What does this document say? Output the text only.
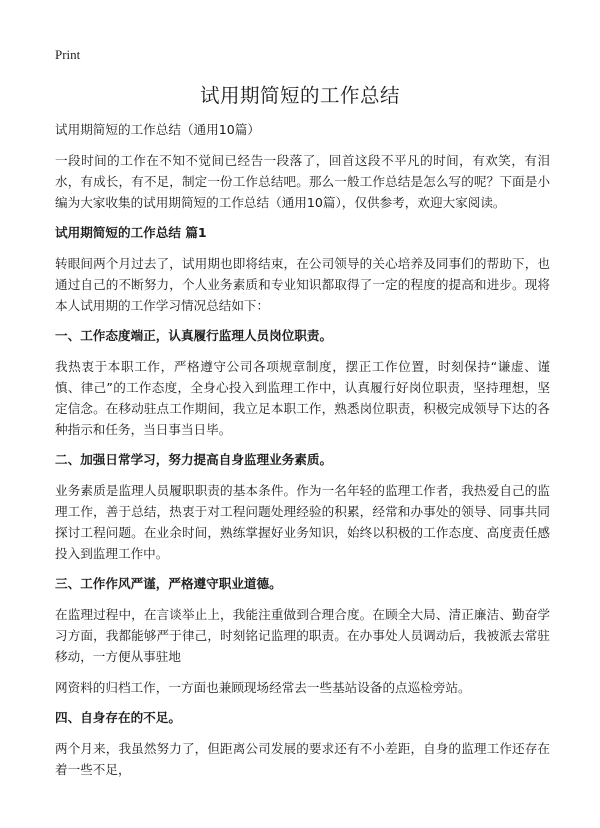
Print
试用期简短的工作总结
试用期简短的工作总结（通用10篇）

一段时间的工作在不知不觉间已经告一段落了，回首这段不平凡的时间，有欢笑，有泪水，有成长，有不足，制定一份工作总结吧。那么一般工作总结是怎么写的呢？下面是小编为大家收集的试用期简短的工作总结（通用10篇），仅供参考，欢迎大家阅读。

试用期简短的工作总结 篇1

转眼间两个月过去了，试用期也即将结束，在公司领导的关心培养及同事们的帮助下，也通过自己的不断努力，个人业务素质和专业知识都取得了一定的程度的提高和进步。现将本人试用期的工作学习情况总结如下：

一、工作态度端正，认真履行监理人员岗位职责。

我热衷于本职工作，严格遵守公司各项规章制度，摆正工作位置，时刻保持“谦虚、谨慎、律己”的工作态度，全身心投入到监理工作中，认真履行好岗位职责，坚持理想，坚定信念。在移动驻点工作期间，我立足本职工作，熟悉岗位职责，积极完成领导下达的各种指示和任务，当日事当日毕。

二、加强日常学习，努力提高自身监理业务素质。

业务素质是监理人员履职职责的基本条件。作为一名年轻的监理工作者，我热爱自己的监理工作，善于总结，热衷于对工程问题处理经验的积累，经常和办事处的领导、同事共同探讨工程问题。在业余时间，熟练掌握好业务知识，始终以积极的工作态度、高度责任感投入到监理工作中。

三、工作作风严谨，严格遵守职业道德。

在监理过程中，在言谈举止上，我能注重做到合理合度。在顾全大局、清正廉洁、勤奋学习方面，我都能够严于律己，时刻铭记监理的职责。在办事处人员调动后，我被派去常驻移动，一方便从事驻地

网资料的归档工作，一方面也兼顾现场经常去一些基站设备的点巡检旁站。

四、自身存在的不足。

两个月来，我虽然努力了，但距离公司发展的要求还有不小差距，自身的监理工作还存在着一些不足，
